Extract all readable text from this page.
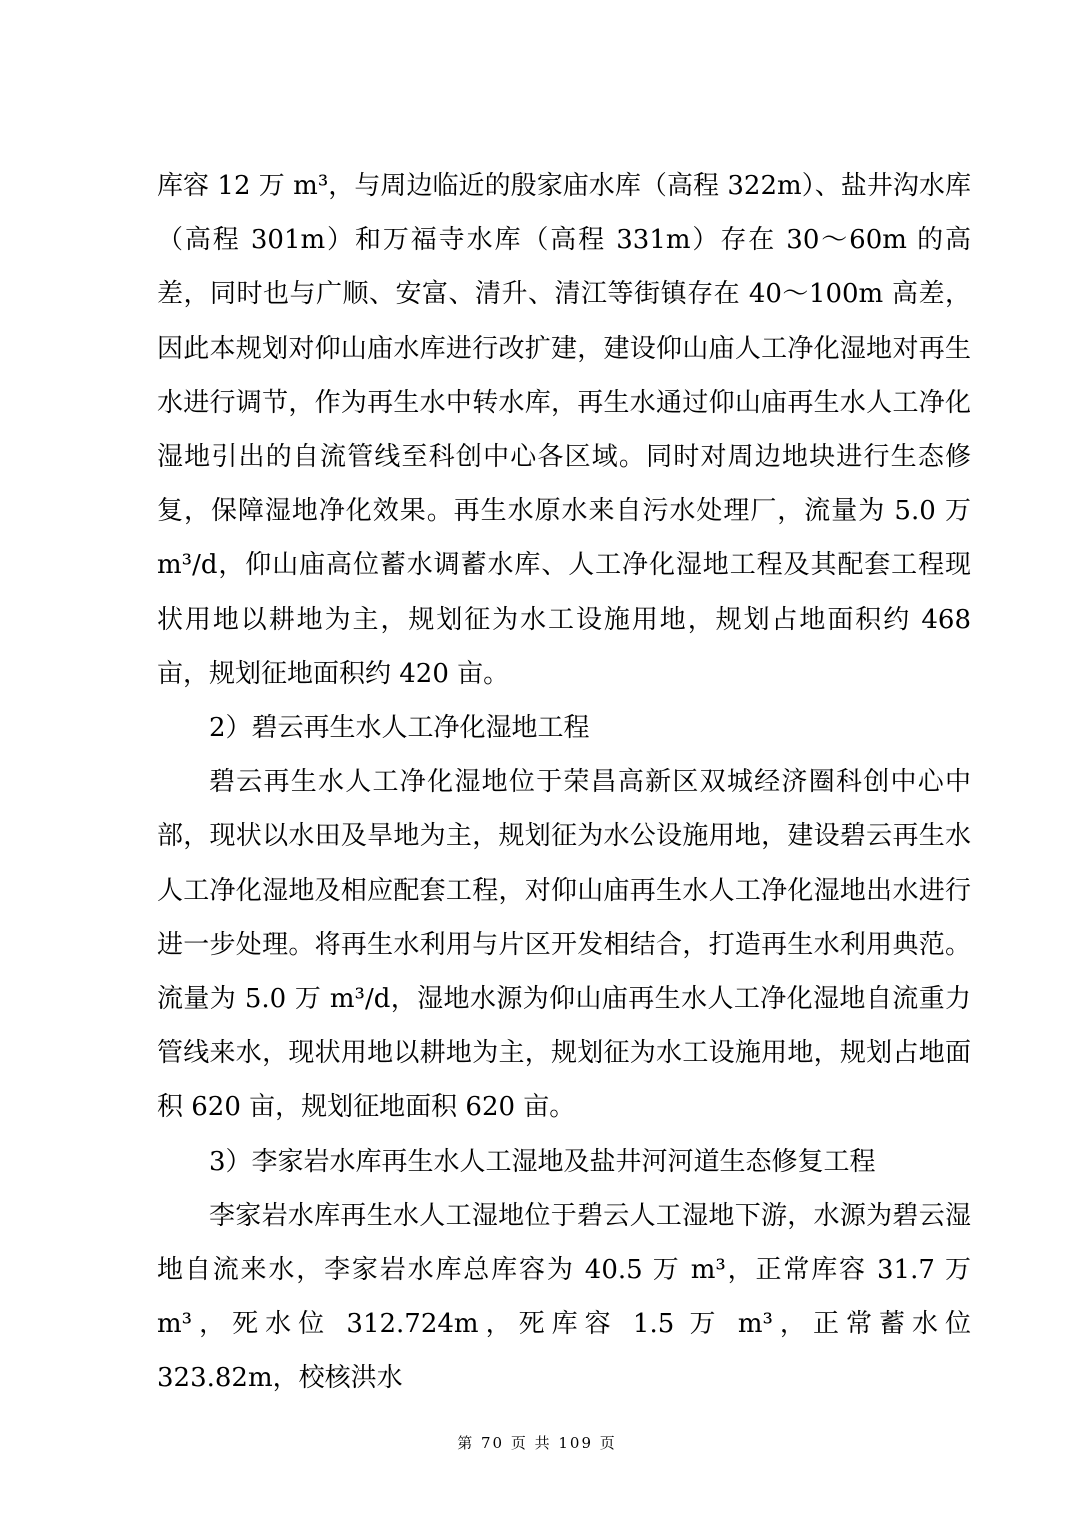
库容 12 万 m³，与周边临近的殷家庙水库（高程 322m）、盐井沟水库（高程 301m）和万福寺水库（高程 331m）存在 30～60m 的高差，同时也与广顺、安富、清升、清江等街镇存在 40～100m 高差，因此本规划对仰山庙水库进行改扩建，建设仰山庙人工净化湿地对再生水进行调节，作为再生水中转水库，再生水通过仰山庙再生水人工净化湿地引出的自流管线至科创中心各区域。同时对周边地块进行生态修复，保障湿地净化效果。再生水原水来自污水处理厂，流量为 5.0 万 m³/d，仰山庙高位蓄水调蓄水库、人工净化湿地工程及其配套工程现状用地以耕地为主，规划征为水工设施用地，规划占地面积约 468 亩，规划征地面积约 420 亩。

2）碧云再生水人工净化湿地工程

碧云再生水人工净化湿地位于荣昌高新区双城经济圈科创中心中部，现状以水田及旱地为主，规划征为水公设施用地，建设碧云再生水人工净化湿地及相应配套工程，对仰山庙再生水人工净化湿地出水进行进一步处理。将再生水利用与片区开发相结合，打造再生水利用典范。流量为 5.0 万 m³/d，湿地水源为仰山庙再生水人工净化湿地自流重力管线来水，现状用地以耕地为主，规划征为水工设施用地，规划占地面积 620 亩，规划征地面积 620 亩。

3）李家岩水库再生水人工湿地及盐井河河道生态修复工程

李家岩水库再生水人工湿地位于碧云人工湿地下游，水源为碧云湿地自流来水，李家岩水库总库容为 40.5 万 m³，正常库容 31.7 万 m³，死水位 312.724m，死库容 1.5 万 m³，正常蓄水位 323.82m，校核洪水

第 70 页 共 109 页
